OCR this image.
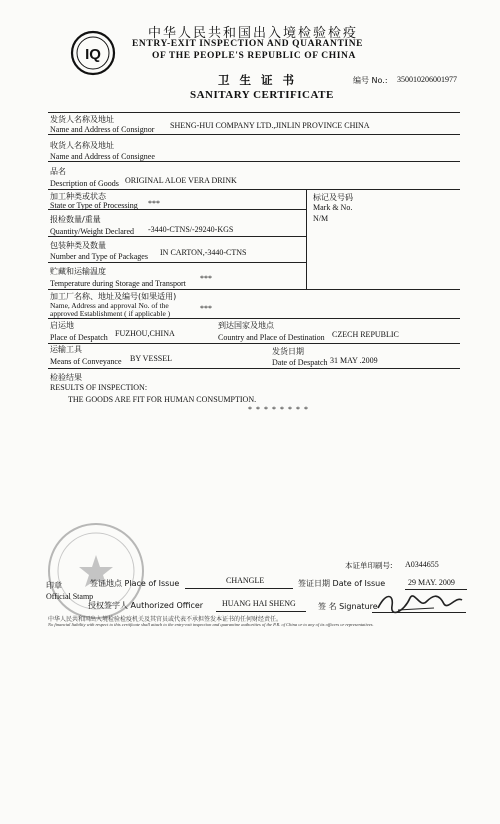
IQ
中华人民共和国出入境检验检疫
ENTRY-EXIT INSPECTION AND QUARANTINE
OF THE PEOPLE'S REPUBLIC OF CHINA
卫 生 证 书
SANITARY CERTIFICATE
编号 No.: 350010206001977
发货人名称及地址
Name and Address of Consignor SHENG-HUI COMPANY LTD.,JINLIN PROVINCE CHINA
收货人名称及地址
Name and Address of Consignee
品名
Description of Goods ORIGINAL ALOE VERA DRINK
加工种类或状态
State or Type of Processing ***
标记及号码
Mark & No.
N/M
报检数量/重量
Quantity/Weight Declared -3440-CTNS/-29240-KGS
包装种类及数量
Number and Type of Packages IN CARTON,-3440-CTNS
贮藏和运输温度
Temperature during Storage and Transport
***
加工厂名称、地址及编号(如果适用)
Name, Address and approval No. of the
approved Establishment ( if applicable )
***
启运地
Place of Despatch FUZHOU,CHINA
到达国家及地点
Country and Place of Destination CZECH REPUBLIC
运输工具
Means of Conveyance BY VESSEL
发货日期
Date of Despatch 31 MAY .2009
检验结果
RESULTS OF INSPECTION:
THE GOODS ARE FIT FOR HUMAN CONSUMPTION.
* * * * * * * *
本证单印刷号: A0344655
印章
Official Stamp
签证地点 Place of Issue	CHANGLE	签证日期 Date of Issue	29 MAY. 2009
授权签字人 Authorized Officer HUANG HAI SHENG	签 名 Signature
中华人民共和国出入境检验检疫机关及其官员或代表不承担签发本证书的任何财经责任。
No financial liability with respect to this certificate shall attach to the entry-exit inspection and quarantine authorities of the P.R. of China or to any of its officers or representatives.
